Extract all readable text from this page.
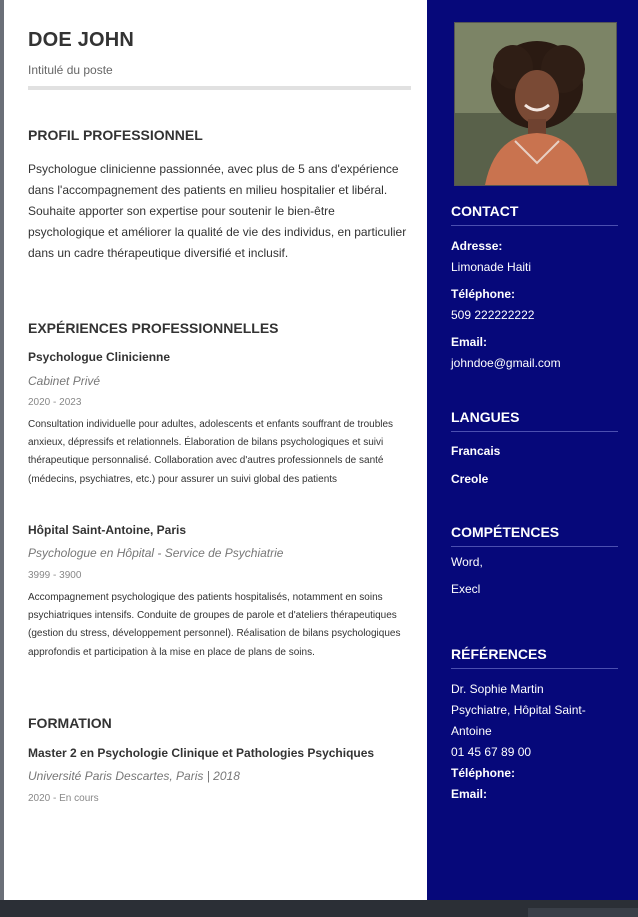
DOE JOHN
Intitulé du poste
PROFIL PROFESSIONNEL
Psychologue clinicienne passionnée, avec plus de 5 ans d'expérience dans l'accompagnement des patients en milieu hospitalier et libéral. Souhaite apporter son expertise pour soutenir le bien-être psychologique et améliorer la qualité de vie des individus, en particulier dans un cadre thérapeutique diversifié et inclusif.
EXPÉRIENCES PROFESSIONNELLES
Psychologue Clinicienne
Cabinet Privé
2020 - 2023
Consultation individuelle pour adultes, adolescents et enfants souffrant de troubles anxieux, dépressifs et relationnels. Élaboration de bilans psychologiques et suivi thérapeutique personnalisé. Collaboration avec d'autres professionnels de santé (médecins, psychiatres, etc.) pour assurer un suivi global des patients
Hôpital Saint-Antoine, Paris
Psychologue en Hôpital - Service de Psychiatrie
3999 - 3900
Accompagnement psychologique des patients hospitalisés, notamment en soins psychiatriques intensifs. Conduite de groupes de parole et d'ateliers thérapeutiques (gestion du stress, développement personnel). Réalisation de bilans psychologiques approfondis et participation à la mise en place de plans de soins.
FORMATION
Master 2 en Psychologie Clinique et Pathologies Psychiques
Université Paris Descartes, Paris | 2018
2020 - En cours
CONTACT
Adresse:
Limonade Haiti
Téléphone:
509 222222222
Email:
johndoe@gmail.com
LANGUES
Francais
Creole
COMPÉTENCES
Word,
Execl
RÉFÉRENCES
Dr. Sophie Martin
Psychiatre, Hôpital Saint-Antoine
01 45 67 89 00
Téléphone:
Email:
